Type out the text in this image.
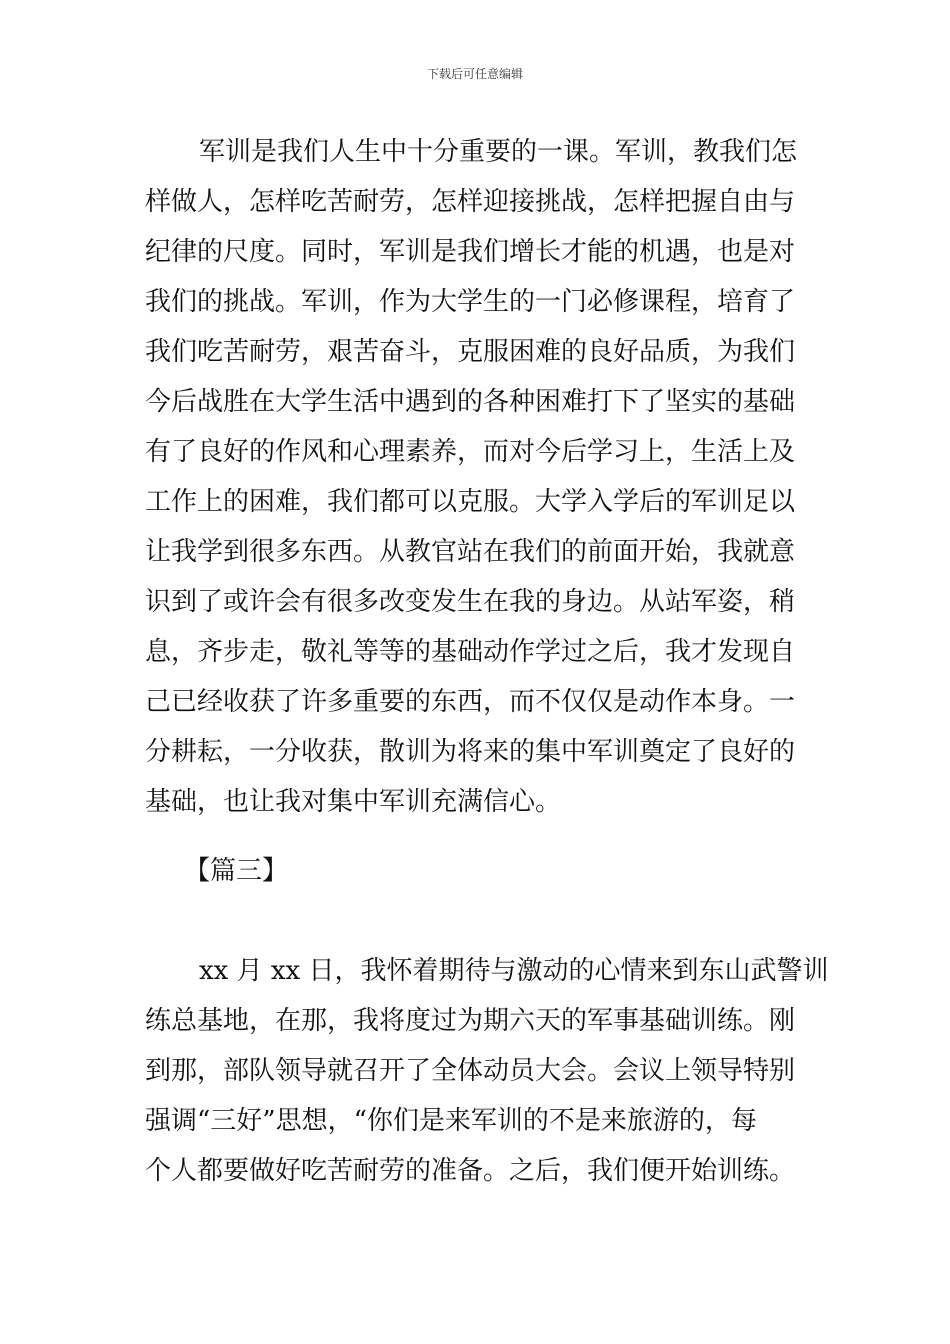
下载后可任意编辑
军训是我们人生中十分重要的一课。军训，教我们怎
样做人，怎样吃苦耐劳，怎样迎接挑战，怎样把握自由与
纪律的尺度。同时，军训是我们增长才能的机遇，也是对
我们的挑战。军训，作为大学生的一门必修课程，培育了
我们吃苦耐劳，艰苦奋斗，克服困难的良好品质，为我们
今后战胜在大学生活中遇到的各种困难打下了坚实的基础
有了良好的作风和心理素养，而对今后学习上，生活上及
工作上的困难，我们都可以克服。大学入学后的军训足以
让我学到很多东西。从教官站在我们的前面开始，我就意
识到了或许会有很多改变发生在我的身边。从站军姿，稍
息，齐步走，敬礼等等的基础动作学过之后，我才发现自
己已经收获了许多重要的东西，而不仅仅是动作本身。一
分耕耘，一分收获，散训为将来的集中军训奠定了良好的
基础，也让我对集中军训充满信心。
【篇三】
xx 月 xx 日，我怀着期待与激动的心情来到东山武警训
练总基地，在那，我将度过为期六天的军事基础训练。刚
到那，部队领导就召开了全体动员大会。会议上领导特别
强调“三好”思想，“你们是来军训的不是来旅游的，每
个人都要做好吃苦耐劳的准备。之后，我们便开始训练。
